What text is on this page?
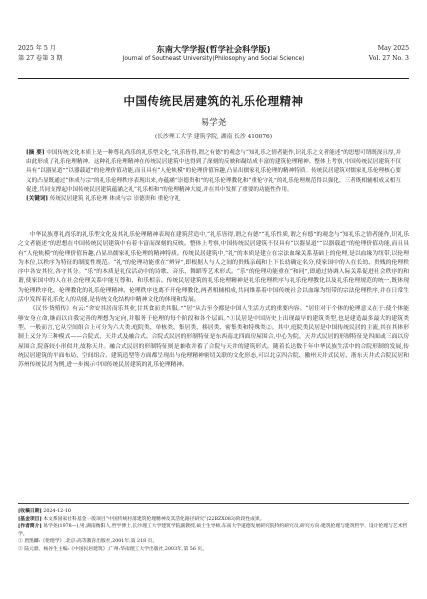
2025 年 5 月
第 27 卷第 3 期
东南大学学报(哲学社会科学版)
Journal of Southeast University(Philosophy and Social Science)
May 2025
Vol. 27 No. 3
中国传统民居建筑的礼乐伦理精神
易学尧
(长沙理工大学 建筑学院, 湖南 长沙 410076)
[摘 要] 中国传统文化本质上是一种尊礼尚乐的礼乐型文化,“礼乐皆得,谓之有德”的观念与“知礼乐之情者能作,识礼乐之文者能述”的思想可谓既深且厚,并由此形成了礼乐伦理精神。这种礼乐伦理精神在传统民居建筑中也得到了深刻的反映和凝结成丰富的建筑伦理精神。整体上考察,中国传统民居建筑不仅具有“以器显道”“以器载道”的伦理价值功能,而且具有“人伦轨模”的伦理价值旨趣,凸显出儒家礼乐伦理的精神特质。传统民居建筑对儒家礼乐伦理核心要义的凸显既通过“体成与宗”的礼乐伦理秩序表现出来,亦蕴涵“崇德贵和”的礼乐伦理教化和“重伦守礼”的礼乐伦理规范得以强化。三者既相辅相成又相互促进,共同支撑起中国传统民居建筑蕴涵之礼“礼乐相和”的伦理精神大厦,并在其中发挥了重要的功能性作用。
[关键词] 传统民居建筑 礼乐伦理 体成与宗 崇德贵和 重伦守礼

中华民族尊礼尚乐的礼乐型文化及其礼乐伦理精神表现在建筑营造中,“礼乐皆得,谓之有德”“礼乐性质,谓之有德”的观念与“知礼乐之情者能作,识礼乐之文者能述”的思想在中国传统民居建筑中有着丰富而深刻的反映。整体上考察,中国传统民居建筑不仅具有“以器显道”“以器载道”的伦理价值功能,而且具有“人伦轨模”的伦理价值旨趣,凸显出儒家礼乐伦理的精神特质。传统民居建筑中,“礼”的本质是建立在宗法血缘关系基础上的伦理,是以血缘为纽带,以伦理为本位,以秩序为特征的制度性规范。“礼”的伦理功能重在“辨异”,即根据人与人之间的贵贱亲疏和上下长幼确定名分,使家国中的人在长幼、贵贱的伦理秩序中各安其位,各守其分。“乐”的本质是礼仪活动中的诗歌、音乐、舞蹈等艺术形式。“乐”的伦理功能重在“和同”,即通过协调人际关系促进社会秩序的和谐,使家国中的人在社会伦理关系中能互尊和、和乐相亲。传统民居建筑的礼乐伦理精神是礼乐伦理秩序与礼乐伦理教化以及礼乐伦理规范的统一,既体现为伦理秩序化、伦理教化的礼乐伦理精神、伦理秩序也离不开伦理教化,两者相辅相成,共同维系着中国传统社会以血缘为纽带的宗法伦理秩序,并在日常生活中发挥着礼乐化人的功能,是传统文化结构中精神文化的体现和发展。

《汉书·货殖传》有云:“舍安其居而乐其业,甘其食而美其服。”“居”从古至今都是中国人生活方式的重要内容。“居住对于个体的伦理意义在于:使个体能够安身立命,继而以自我完善的理想为定向,并服务于伦理的每个阶段和各个层面。”①民居是中国历史上出现最早的建筑类型,也是建造最多最大的建筑类型。一般而言,它从空间组合上可分为六大类:庭院类、单栋类、集居类、移居类、密集类和特殊类②。其中,庭院类民居是中国传统民居的主流,其在其体形制上又分为三种模式——合院式、天井式及融合式。合院式民居的形制特征是东西南北四面房屋围合,中心为院。天井式民居的形制特征是四面或三面以房屋围合,院落较小形似井,故称天井。融合式民居的形制特征则是兼收并蓄了合院与天井的建筑形式。随着长达数千年中华民族生活中的合院形制的发展,传统民居建筑的平面布局、空间组合、建筑造型等方面都呈现出与伦理精神密切关联的文化形态,可以北京四合院、徽州天井式民居、浙东天井式合院民居和苏州传统民居为例,进一步揭示中国传统民居建筑的礼乐伦理精神。

[收稿日期] 2024-12-10
[基金项目] 本文系国家社科基金一般项目“中国传统村落建筑伦理精神及其活化路径研究”(22BZX083)阶段性成果。
[作者简介] 易学尧(1978—),男,湖南衡阳人,哲学博士,长沙理工大学建筑学院副教授,硕士生导师,东南大学道德发展研究院特约研究员,研究方向:建筑伦理与建筑哲学、设计伦理与艺术哲学。
① 唐凯麟:《伦理学》,北京:高等教育出版社,2001年,第 218 页。
② 陆元鼎、杨谷生主编:《中国民居建筑》,广州:华南理工大学出版社,2003年,第 56 页。
